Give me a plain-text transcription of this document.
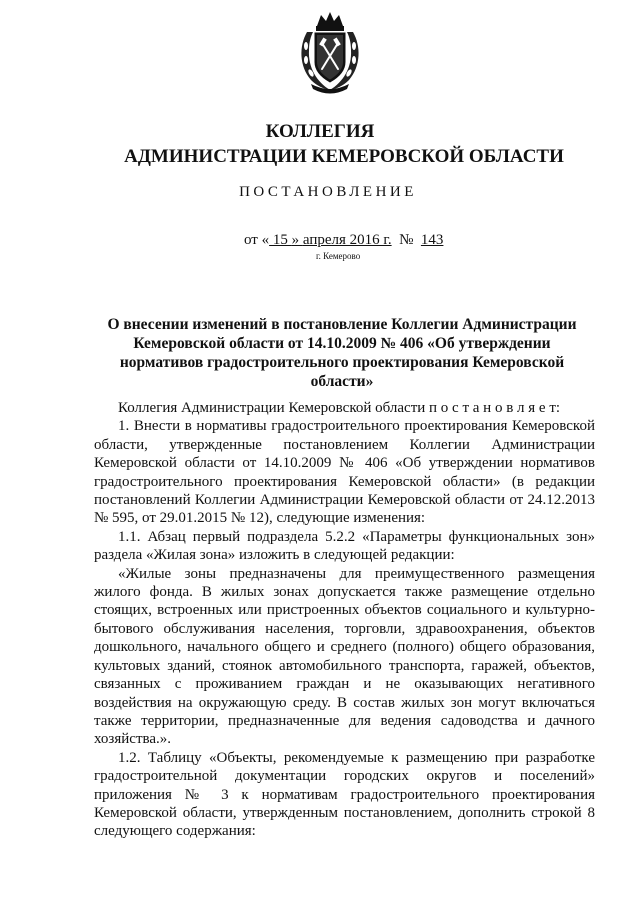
КОЛЛЕГИЯ
АДМИНИСТРАЦИИ КЕМЕРОВСКОЙ ОБЛАСТИ
ПОСТАНОВЛЕНИЕ
от « 15 » апреля 2016 г.  №  143
г. Кемерово
О внесении изменений в постановление Коллегии Администрации Кемеровской области от 14.10.2009 № 406 «Об утверждении нормативов градостроительного проектирования Кемеровской области»

Коллегия Администрации Кемеровской области п о с т а н о в л я е т:

1. Внести в нормативы градостроительного проектирования Кемеровской области, утвержденные постановлением Коллегии Администрации Кемеровской области от 14.10.2009 № 406 «Об утверждении нормативов градостроительного проектирования Кемеровской области» (в редакции постановлений Коллегии Администрации Кемеровской области от 24.12.2013 № 595, от 29.01.2015 № 12), следующие изменения:

1.1. Абзац первый подраздела 5.2.2 «Параметры функциональных зон» раздела «Жилая зона» изложить в следующей редакции:

«Жилые зоны предназначены для преимущественного размещения жилого фонда. В жилых зонах допускается также размещение отдельно стоящих, встроенных или пристроенных объектов социального и культурно-бытового обслуживания населения, торговли, здравоохранения, объектов дошкольного, начального общего и среднего (полного) общего образования, культовых зданий, стоянок автомобильного транспорта, гаражей, объектов, связанных с проживанием граждан и не оказывающих негативного воздействия на окружающую среду. В состав жилых зон могут включаться также территории, предназначенные для ведения садоводства и дачного хозяйства.».

1.2. Таблицу «Объекты, рекомендуемые к размещению при разработке градостроительной документации городских округов и поселений» приложения № 3 к нормативам градостроительного проектирования Кемеровской области, утвержденным постановлением, дополнить строкой 8 следующего содержания:
